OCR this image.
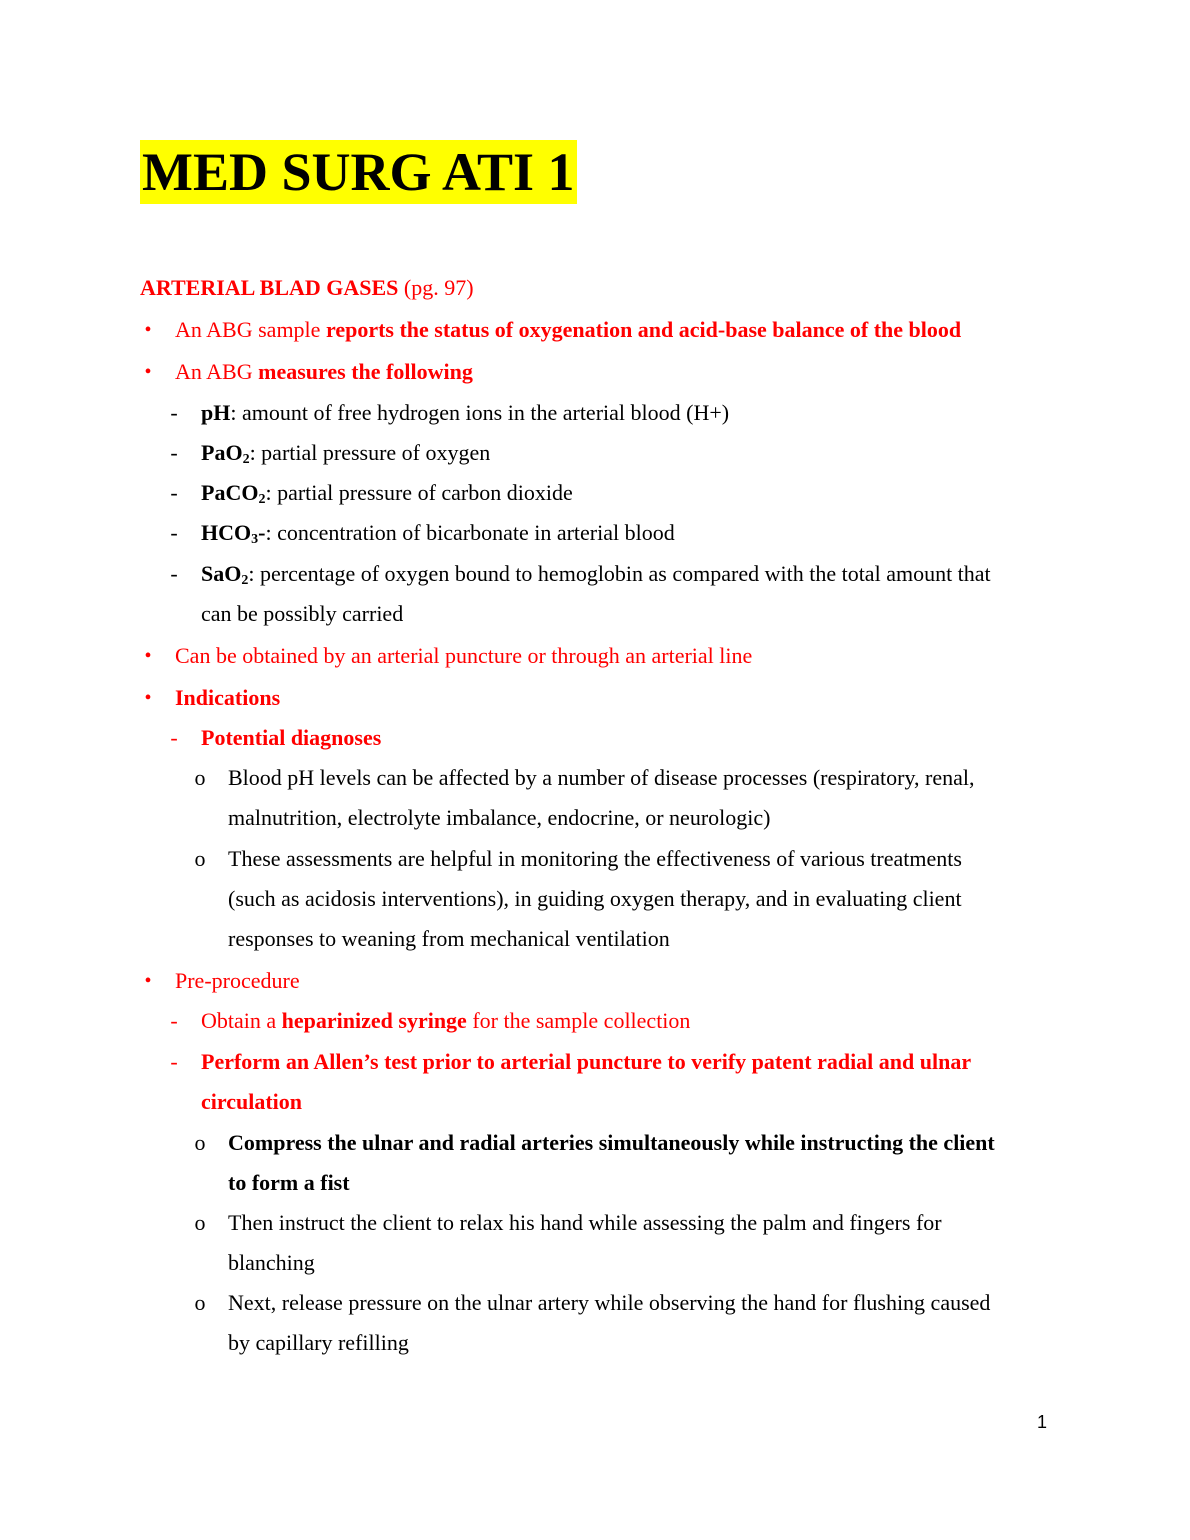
MED SURG ATI 1
ARTERIAL BLAD GASES (pg. 97)
• An ABG sample reports the status of oxygenation and acid-base balance of the blood
• An ABG measures the following
- pH: amount of free hydrogen ions in the arterial blood (H+)
- PaO$_2$: partial pressure of oxygen
- PaCO$_2$: partial pressure of carbon dioxide
- $HCO_3-$: concentration of bicarbonate in arterial blood
- SaO$_2$: percentage of oxygen bound to hemoglobin as compared with the total amount that
can be possibly carried
• Can be obtained by an arterial puncture or through an arterial line
• Indications
- Potential diagnoses
o Blood pH levels can be affected by a number of disease processes (respiratory, renal,
malnutrition, electrolyte imbalance, endocrine, or neurologic)
o These assessments are helpful in monitoring the effectiveness of various treatments
(such as acidosis interventions), in guiding oxygen therapy, and in evaluating client
responses to weaning from mechanical ventilation
• Pre-procedure
- Obtain a heparinized syringe for the sample collection
- Perform an Allen’s test prior to arterial puncture to verify patent radial and ulnar
circulation
o Compress the ulnar and radial arteries simultaneously while instructing the client
to form a fist
o Then instruct the client to relax his hand while assessing the palm and fingers for
blanching
o Next, release pressure on the ulnar artery while observing the hand for flushing caused
by capillary refilling
1
